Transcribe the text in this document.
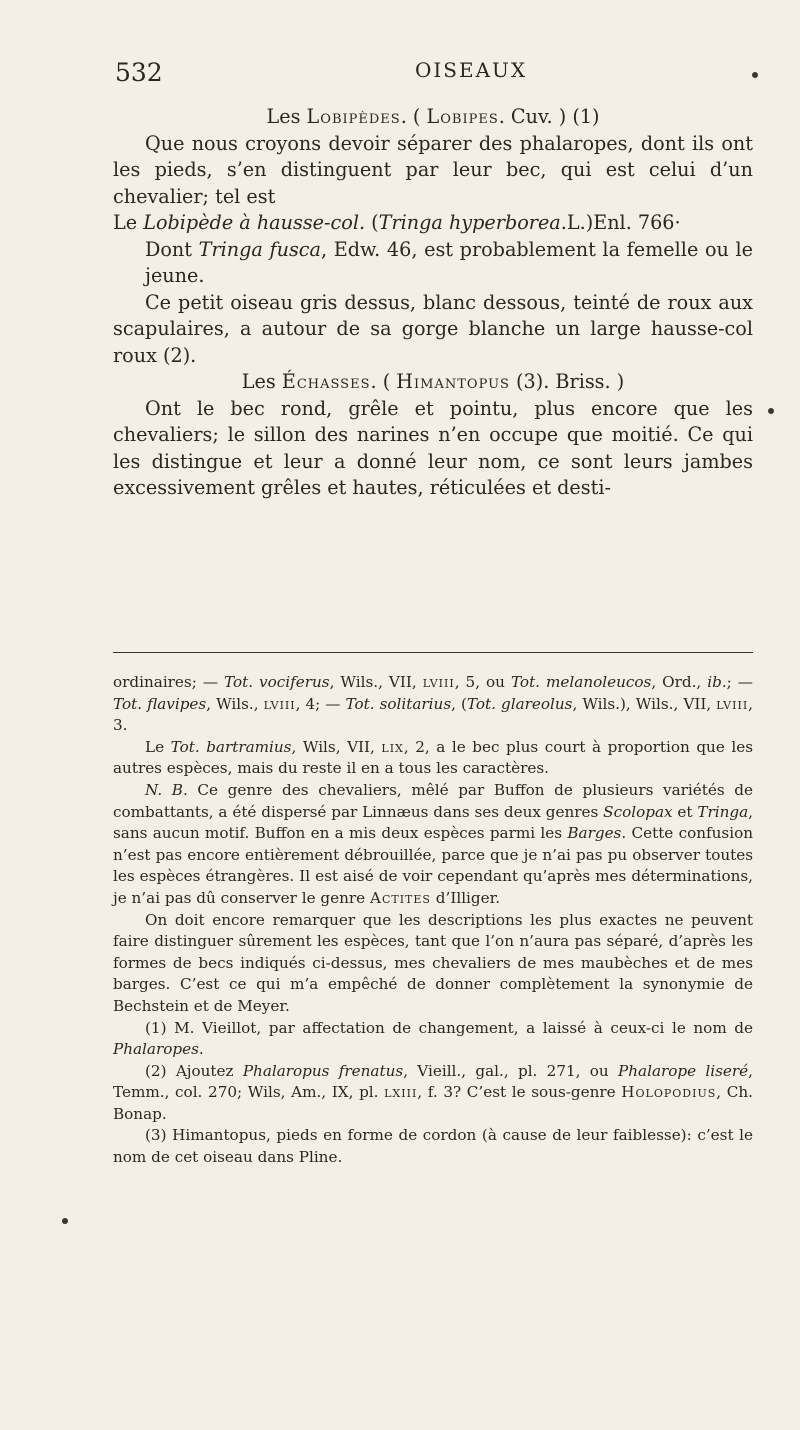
532	OISEAUX

Les Lobipèdes. ( Lobipes. Cuv. ) (1)

Que nous croyons devoir séparer des phalaropes, dont ils ont les pieds, s’en distinguent par leur bec, qui est celui d’un chevalier; tel est

Le Lobipède à hausse-col. (Tringa hyperborea.L.)Enl. 766·
Dont Tringa fusca, Edw. 46, est probablement la femelle ou le jeune.

Ce petit oiseau gris dessus, blanc dessous, teinté de roux aux scapulaires, a autour de sa gorge blanche un large hausse-col roux (2).

Les Échasses. ( Himantopus (3). Briss. )

Ont le bec rond, grêle et pointu, plus encore que les chevaliers; le sillon des narines n’en occupe que moitié. Ce qui les distingue et leur a donné leur nom, ce sont leurs jambes excessivement grêles et hautes, réticulées et desti-

ordinaires; — Tot. vociferus, Wils., VII, lviii, 5, ou Tot. melanoleucos, Ord., ib.; — Tot. flavipes, Wils., lviii, 4; — Tot. solitarius, (Tot. glareolus, Wils.), Wils., VII, lviii, 3.

Le Tot. bartramius, Wils, VII, lix, 2, a le bec plus court à proportion que les autres espèces, mais du reste il en a tous les caractères.

N. B. Ce genre des chevaliers, mêlé par Buffon de plusieurs variétés de combattants, a été dispersé par Linnæus dans ses deux genres Scolopax et Tringa, sans aucun motif. Buffon en a mis deux espèces parmi les Barges. Cette confusion n’est pas encore entièrement débrouillée, parce que je n’ai pas pu observer toutes les espèces étrangères. Il est aisé de voir cependant qu’après mes déterminations, je n’ai pas dû conserver le genre Actites d’Illiger.

On doit encore remarquer que les descriptions les plus exactes ne peuvent faire distinguer sûrement les espèces, tant que l’on n’aura pas séparé, d’après les formes de becs indiqués ci-dessus, mes chevaliers de mes maubèches et de mes barges. C’est ce qui m’a empêché de donner complètement la synonymie de Bechstein et de Meyer.

(1) M. Vieillot, par affectation de changement, a laissé à ceux-ci le nom de Phalaropes.

(2) Ajoutez Phalaropus frenatus, Vieill., gal., pl. 271, ou Phalarope liseré, Temm., col. 270; Wils, Am., IX, pl. lxiii, f. 3? C’est le sous-genre Holopodius, Ch. Bonap.

(3) Himantopus, pieds en forme de cordon (à cause de leur faiblesse): c’est le nom de cet oiseau dans Pline.
